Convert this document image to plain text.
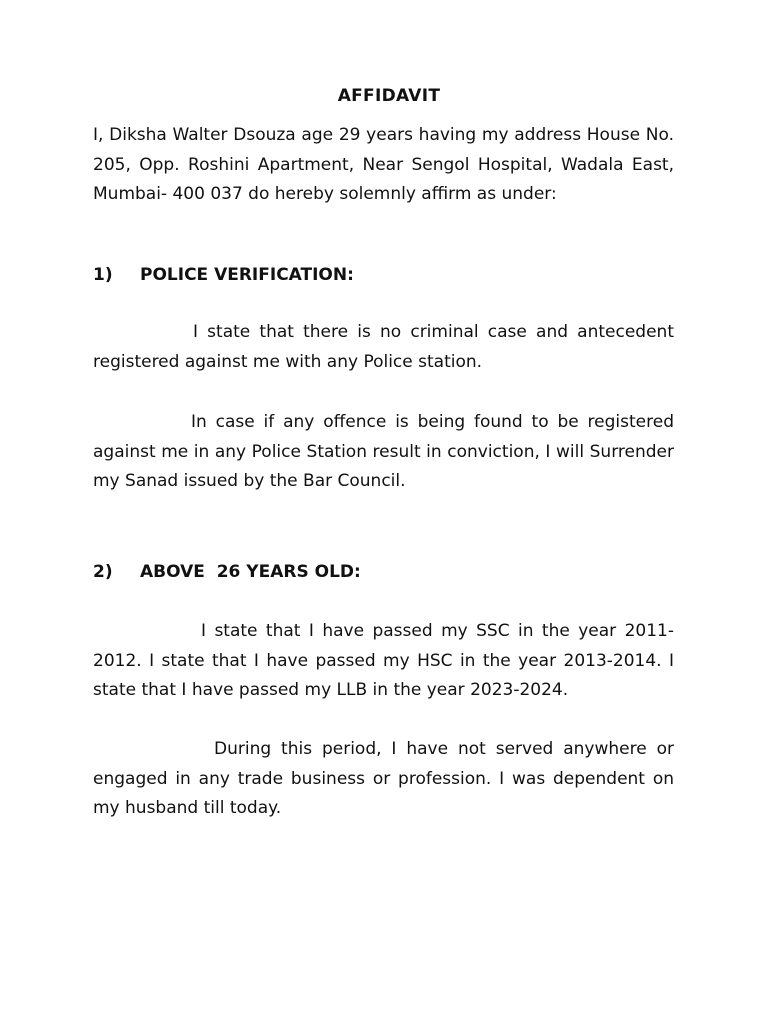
AFFIDAVIT

I, Diksha Walter Dsouza age 29 years having my address House No. 205, Opp. Roshini Apartment, Near Sengol Hospital, Wadala East, Mumbai- 400 037 do hereby solemnly affirm as under:

1) POLICE VERIFICATION:

I state that there is no criminal case and antecedent registered against me with any Police station.

In case if any offence is being found to be registered against me in any Police Station result in conviction, I will Surrender my Sanad issued by the Bar Council.

2) ABOVE  26 YEARS OLD:

I state that I have passed my SSC in the year 2011-2012. I state that I have passed my HSC in the year 2013-2014. I state that I have passed my LLB in the year 2023-2024.

During this period, I have not served anywhere or engaged in any trade business or profession. I was dependent on my husband till today.
